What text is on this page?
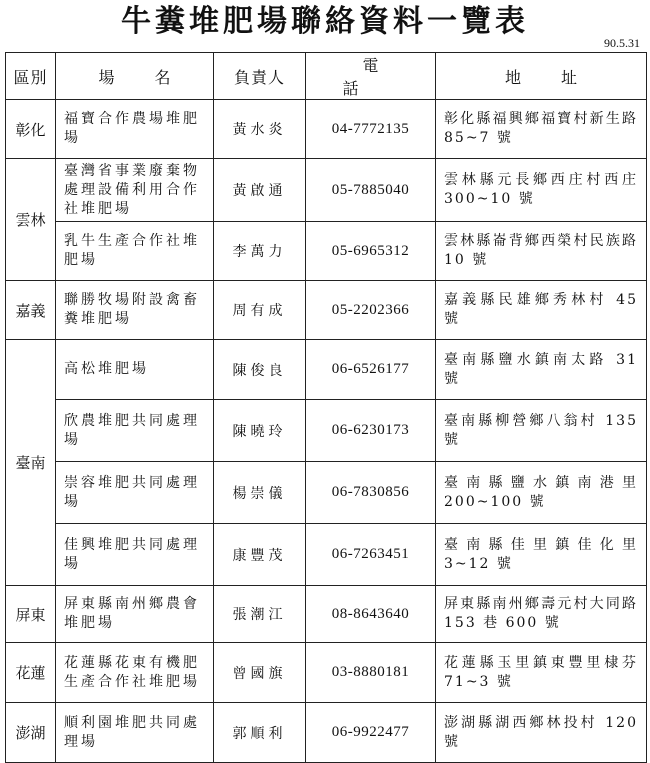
牛糞堆肥場聯絡資料一覽表
90.5.31
區別	場名	負責人	電話	地址
彰化	福寶合作農場堆肥場	黃水炎	04-7772135	彰化縣福興鄉福寶村新生路 85~7 號

雲林	臺灣省事業廢棄物處理設備利用合作社堆肥場	黃啟通	05-7885040	雲林縣元長鄉西庄村西庄 300~10 號

	乳牛生產合作社堆肥場	李萬力	05-6965312	雲林縣崙背鄉西榮村民族路 10 號

嘉義	聯勝牧場附設禽畜糞堆肥場	周有成	05-2202366	嘉義縣民雄鄉秀林村 45 號

臺南	高松堆肥場	陳俊良	06-6526177	臺南縣鹽水鎮南太路 31 號

	欣農堆肥共同處理場	陳曉玲	06-6230173	臺南縣柳營鄉八翁村 135 號

	崇容堆肥共同處理場	楊崇儀	06-7830856	臺南縣鹽水鎮南港里 200~100 號

	佳興堆肥共同處理場	康豐茂	06-7263451	臺南縣佳里鎮佳化里 3~12 號

屏東	屏東縣南州鄉農會堆肥場	張潮江	08-8643640	屏東縣南州鄉壽元村大同路 153 巷 600 號

花蓮	花蓮縣花東有機肥生產合作社堆肥場	曾國旗	03-8880181	花蓮縣玉里鎮東豐里棣芬 71~3 號

澎湖	順利園堆肥共同處理場	郭順利	06-9922477	澎湖縣湖西鄉林投村 120 號
